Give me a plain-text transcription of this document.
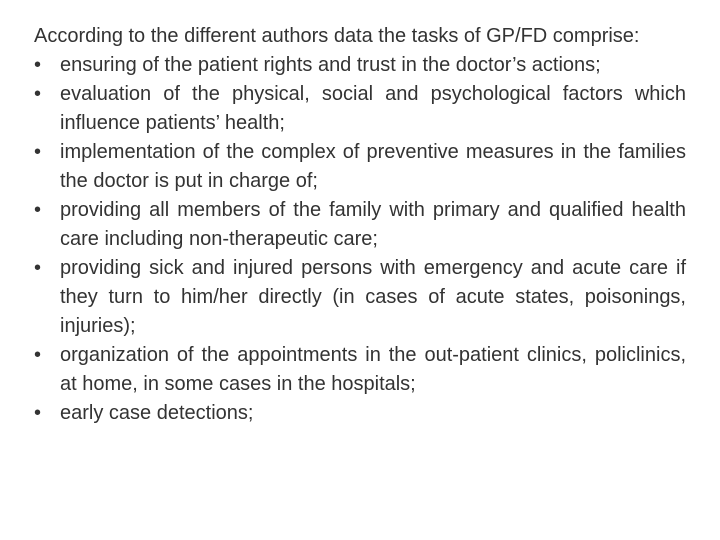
According to the different authors data the tasks of GP/FD comprise:

• ensuring of the patient rights and trust in the doctor’s actions;
• evaluation of the physical, social and psychological factors which influence patients’ health;
• implementation of the complex of preventive measures in the families the doctor is put in charge of;
• providing all members of the family with primary and qualified health care including non-therapeutic care;
• providing sick and injured persons with emergency and acute care if they turn to him/her directly (in cases of acute states, poisonings, injuries);
• organization of the appointments in the out-patient clinics, policlinics, at home, in some cases in the hospitals;
• early case detections;
